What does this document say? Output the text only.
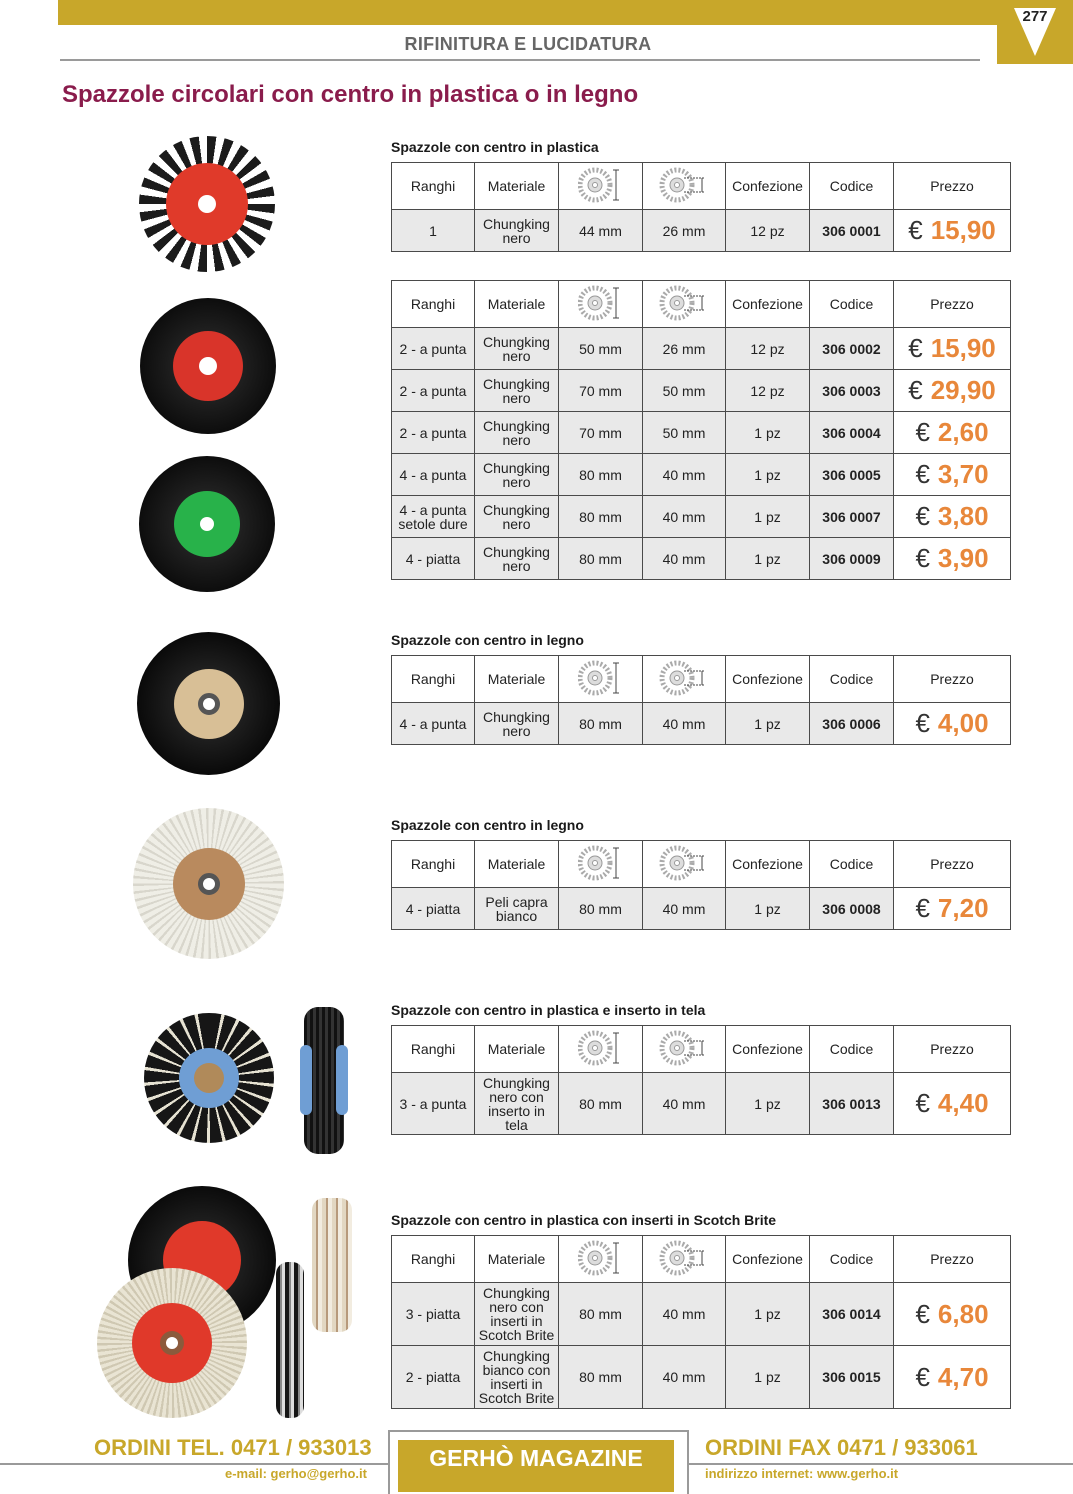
277
RIFINITURA E LUCIDATURA
Spazzole circolari con centro in plastica o in legno
Spazzole con centro in plastica
Ranghi	Materiale			Confezione	Codice	Prezzo
1	Chungking nero	44 mm	26 mm	12 pz	306 0001	€ 15,90
Ranghi	Materiale			Confezione	Codice	Prezzo
2 - a punta	Chungking nero	50 mm	26 mm	12 pz	306 0002	€ 15,90
2 - a punta	Chungking nero	70 mm	50 mm	12 pz	306 0003	€ 29,90
2 - a punta	Chungking nero	70 mm	50 mm	1 pz	306 0004	€ 2,60
4 - a punta	Chungking nero	80 mm	40 mm	1 pz	306 0005	€ 3,70
4 - a punta setole dure	Chungking nero	80 mm	40 mm	1 pz	306 0007	€ 3,80
4 - piatta	Chungking nero	80 mm	40 mm	1 pz	306 0009	€ 3,90
Spazzole con centro in legno
Ranghi	Materiale			Confezione	Codice	Prezzo
4 - a punta	Chungking nero	80 mm	40 mm	1 pz	306 0006	€ 4,00
Spazzole con centro in legno
Ranghi	Materiale			Confezione	Codice	Prezzo
4 - piatta	Peli capra bianco	80 mm	40 mm	1 pz	306 0008	€ 7,20
Spazzole con centro in plastica e inserto in tela
Ranghi	Materiale			Confezione	Codice	Prezzo
3 - a punta	Chungking nero con inserto in tela	80 mm	40 mm	1 pz	306 0013	€ 4,40
Spazzole con centro in plastica con inserti in Scotch Brite
Ranghi	Materiale			Confezione	Codice	Prezzo
3 - piatta	Chungking nero con inserti in Scotch Brite	80 mm	40 mm	1 pz	306 0014	€ 6,80
2 - piatta	Chungking bianco con inserti in Scotch Brite	80 mm	40 mm	1 pz	306 0015	€ 4,70
GERHÒ MAGAZINE
ORDINI TEL. 0471 / 933013
e-mail: gerho@gerho.it
ORDINI FAX 0471 / 933061
indirizzo internet: www.gerho.it
